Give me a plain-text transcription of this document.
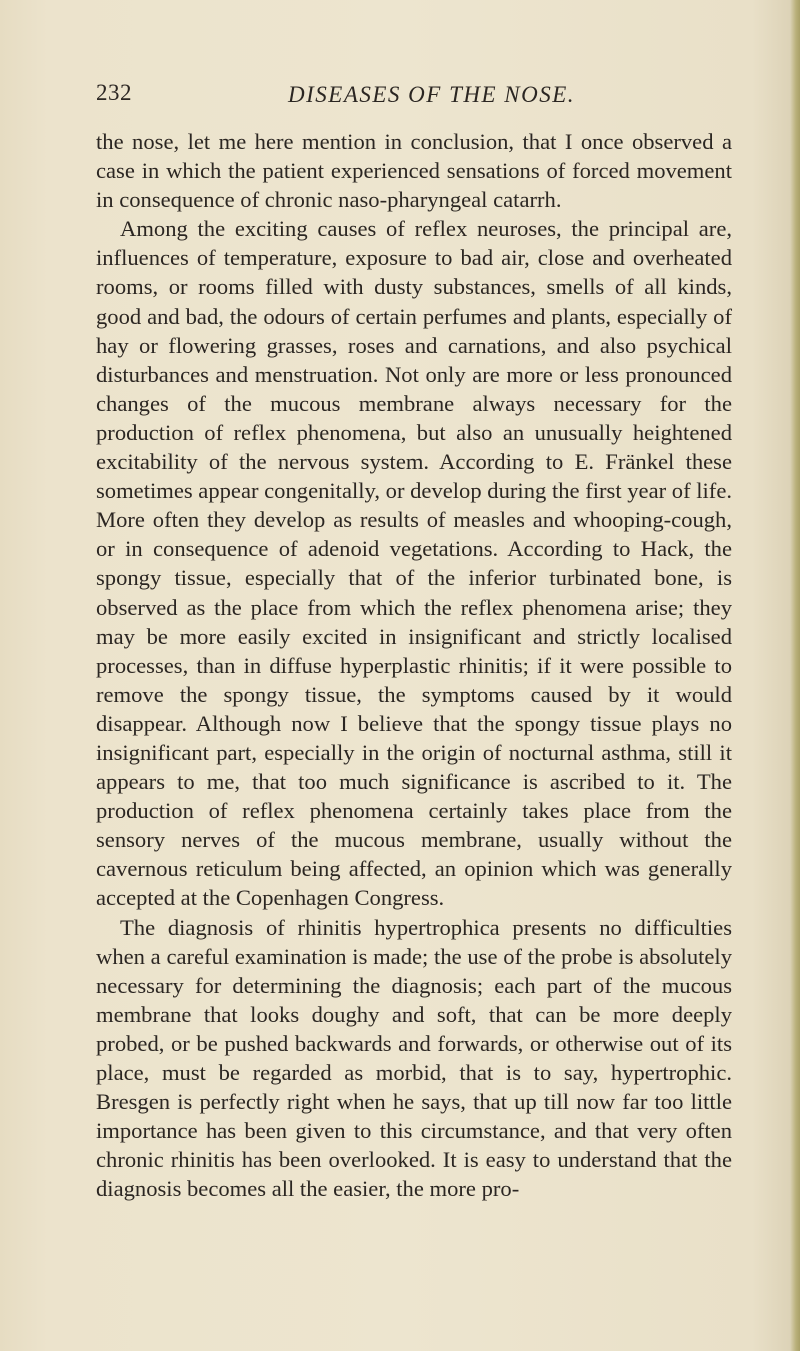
232	DISEASES OF THE NOSE.

the nose, let me here mention in conclusion, that I once observed a case in which the patient experienced sensations of forced movement in consequence of chronic naso-pharyngeal catarrh.

Among the exciting causes of reflex neuroses, the principal are, influences of temperature, exposure to bad air, close and overheated rooms, or rooms filled with dusty substances, smells of all kinds, good and bad, the odours of certain perfumes and plants, especially of hay or flowering grasses, roses and carnations, and also psychical disturbances and menstruation. Not only are more or less pronounced changes of the mucous membrane always necessary for the production of reflex phenomena, but also an unusually heightened excitability of the nervous system. According to E. Fränkel these sometimes appear congenitally, or develop during the first year of life. More often they develop as results of measles and whooping-cough, or in consequence of adenoid vegetations. According to Hack, the spongy tissue, especially that of the inferior turbinated bone, is observed as the place from which the reflex phenomena arise; they may be more easily excited in insignificant and strictly localised processes, than in diffuse hyperplastic rhinitis; if it were possible to remove the spongy tissue, the symptoms caused by it would disappear. Although now I believe that the spongy tissue plays no insignificant part, especially in the origin of nocturnal asthma, still it appears to me, that too much significance is ascribed to it. The production of reflex phenomena certainly takes place from the sensory nerves of the mucous membrane, usually without the cavernous reticulum being affected, an opinion which was generally accepted at the Copenhagen Congress.

The diagnosis of rhinitis hypertrophica presents no difficulties when a careful examination is made; the use of the probe is absolutely necessary for determining the diagnosis; each part of the mucous membrane that looks doughy and soft, that can be more deeply probed, or be pushed backwards and forwards, or otherwise out of its place, must be regarded as morbid, that is to say, hypertrophic. Bresgen is perfectly right when he says, that up till now far too little importance has been given to this circumstance, and that very often chronic rhinitis has been overlooked. It is easy to understand that the diagnosis becomes all the easier, the more pro-
